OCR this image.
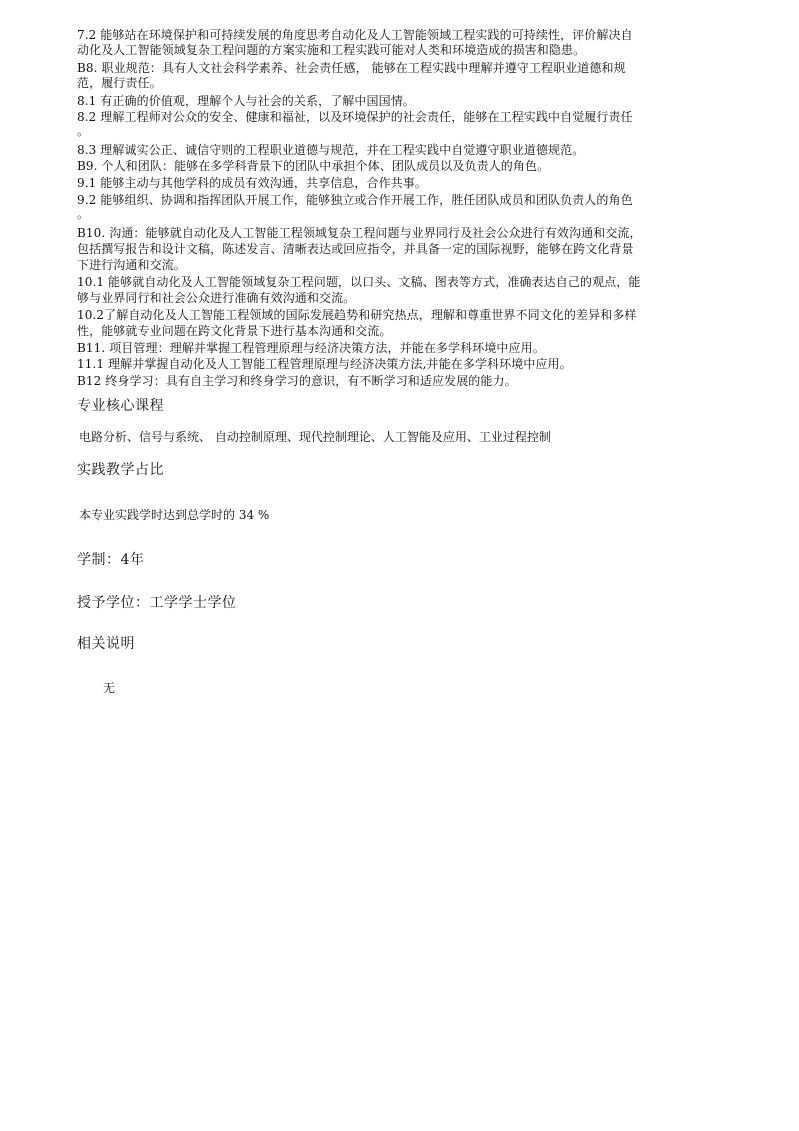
7.2 能够站在环境保护和可持续发展的角度思考自动化及人工智能领域工程实践的可持续性，评价解决自
动化及人工智能领域复杂工程问题的方案实施和工程实践可能对人类和环境造成的损害和隐患。
B8. 职业规范：具有人文社会科学素养、社会责任感， 能够在工程实践中理解并遵守工程职业道德和规
范，履行责任。
8.1 有正确的价值观，理解个人与社会的关系，了解中国国情。
8.2 理解工程师对公众的安全、健康和福祉，以及环境保护的社会责任，能够在工程实践中自觉履行责任
。
8.3 理解诚实公正、诚信守则的工程职业道德与规范，并在工程实践中自觉遵守职业道德规范。
B9. 个人和团队：能够在多学科背景下的团队中承担个体、团队成员以及负责人的角色。
9.1 能够主动与其他学科的成员有效沟通，共享信息，合作共事。
9.2 能够组织、协调和指挥团队开展工作，能够独立或合作开展工作，胜任团队成员和团队负责人的角色
。
B10. 沟通：能够就自动化及人工智能工程领域复杂工程问题与业界同行及社会公众进行有效沟通和交流，
包括撰写报告和设计文稿，陈述发言、清晰表达或回应指令，并具备一定的国际视野，能够在跨文化背景
下进行沟通和交流。
10.1 能够就自动化及人工智能领域复杂工程问题，以口头、文稿、图表等方式，准确表达自己的观点，能
够与业界同行和社会公众进行准确有效沟通和交流。
10.2了解自动化及人工智能工程领域的国际发展趋势和研究热点，理解和尊重世界不同文化的差异和多样
性，能够就专业问题在跨文化背景下进行基本沟通和交流。
B11. 项目管理：理解并掌握工程管理原理与经济决策方法，并能在多学科环境中应用。
11.1 理解并掌握自动化及人工智能工程管理原理与经济决策方法,并能在多学科环境中应用。
B12 终身学习：具有自主学习和终身学习的意识，有不断学习和适应发展的能力。
专业核心课程
电路分析、信号与系统、 自动控制原理、现代控制理论、人工智能及应用、工业过程控制
实践教学占比
本专业实践学时达到总学时的 34 %
学制：4年
授予学位：工学学士学位
相关说明
无
